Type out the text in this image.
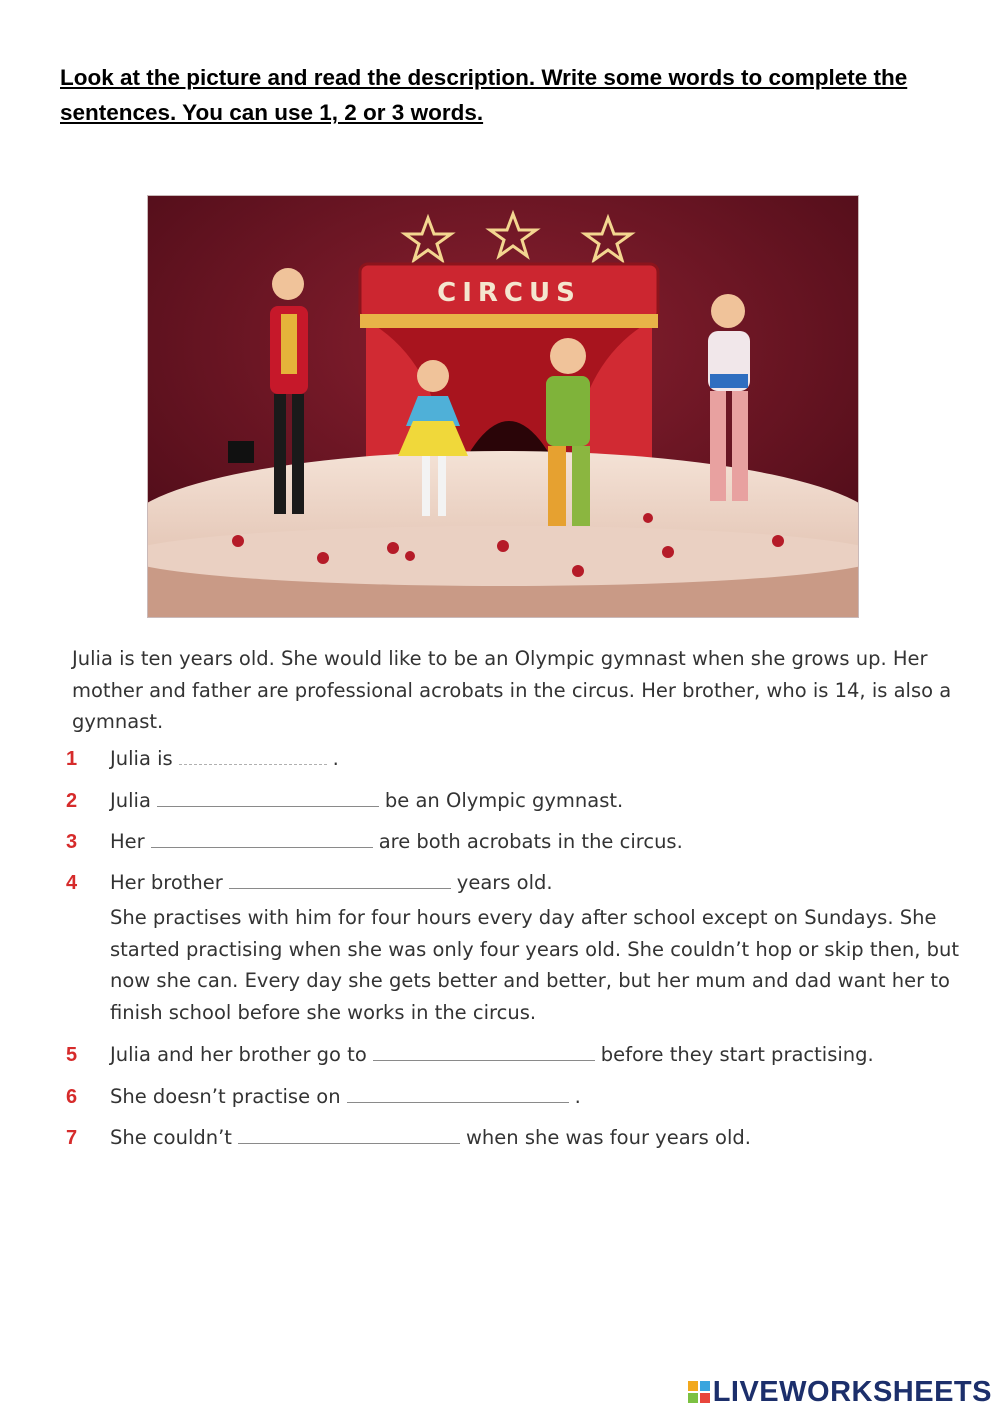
Look at the picture and read the description. Write some words to complete the sentences. You can use 1, 2 or 3 words.
CIRCUS
Julia is ten years old. She would like to be an Olympic gymnast when she grows up. Her mother and father are professional acrobats in the circus. Her brother, who is 14, is also a gymnast.
1 Julia is	.
2 Julia	be an Olympic gymnast.
3 Her	are both acrobats in the circus.
4 Her brother	years old.
She practises with him for four hours every day after school except on Sundays. She started practising when she was only four years old. She couldn’t hop or skip then, but now she can. Every day she gets better and better, but her mum and dad want her to finish school before she works in the circus.
5 Julia and her brother go to	before they start practising.
6 She doesn’t practise on	.
7 She couldn’t	when she was four years old.
LIVEWORKSHEETS
